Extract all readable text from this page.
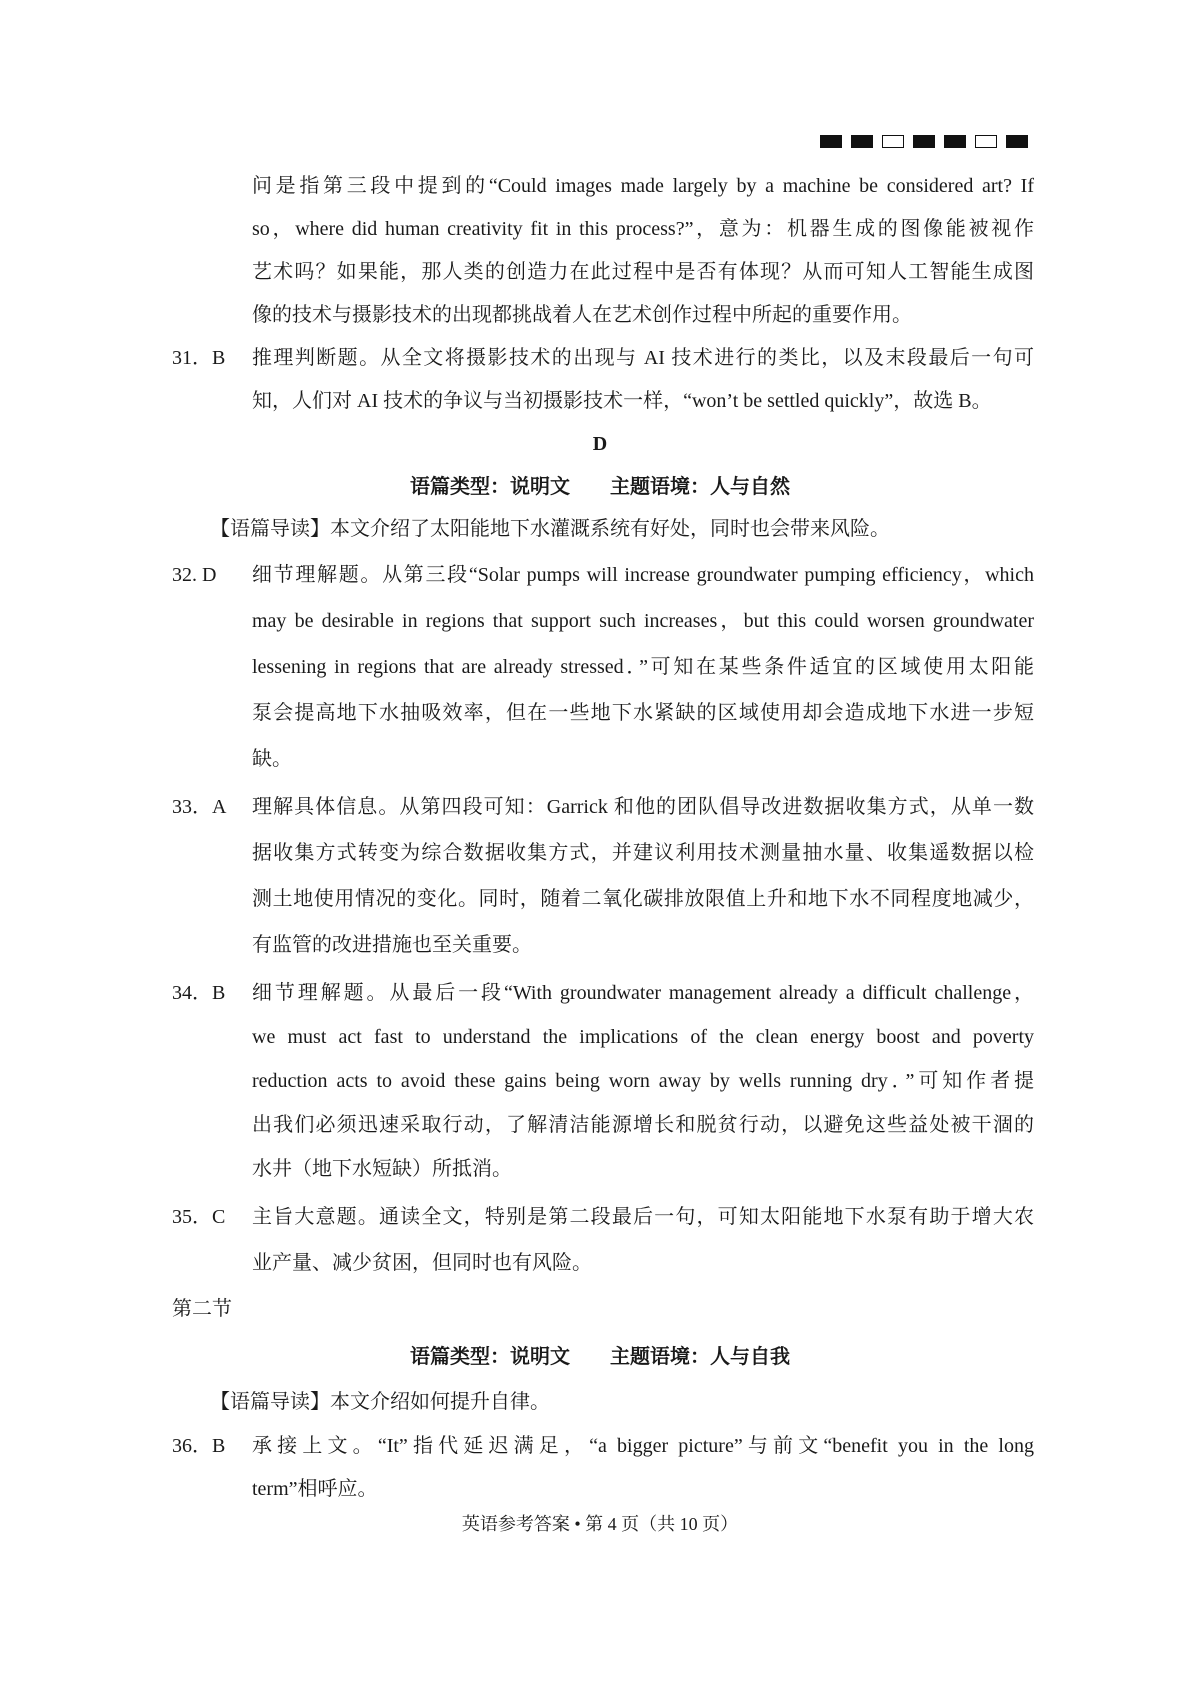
问是指第三段中提到的“Could images made largely by a machine be considered art? If
so，where did human creativity fit in this process?”，意为：机器生成的图像能被视作
艺术吗？如果能，那人类的创造力在此过程中是否有体现？从而可知人工智能生成图
像的技术与摄影技术的出现都挑战着人在艺术创作过程中所起的重要作用。
31．B 推理判断题。从全文将摄影技术的出现与 AI 技术进行的类比，以及末段最后一句可
知，人们对 AI 技术的争议与当初摄影技术一样，“won’t be settled quickly”，故选 B。
D
语篇类型：说明文　　主题语境：人与自然
【语篇导读】本文介绍了太阳能地下水灌溉系统有好处，同时也会带来风险。
32. D 细节理解题。从第三段“Solar pumps will increase groundwater pumping efficiency，which
may be desirable in regions that support such increases，but this could worsen groundwater
lessening in regions that are already stressed．”可知在某些条件适宜的区域使用太阳能
泵会提高地下水抽吸效率，但在一些地下水紧缺的区域使用却会造成地下水进一步短
缺。
33．A 理解具体信息。从第四段可知：Garrick 和他的团队倡导改进数据收集方式，从单一数
据收集方式转变为综合数据收集方式，并建议利用技术测量抽水量、收集遥数据以检
测土地使用情况的变化。同时，随着二氧化碳排放限值上升和地下水不同程度地减少，
有监管的改进措施也至关重要。
34．B 细节理解题。从最后一段“With groundwater management already a difficult challenge，
we must act fast to understand the implications of the clean energy boost and poverty
reduction acts to avoid these gains being worn away by wells running dry．”可知作者提
出我们必须迅速采取行动，了解清洁能源增长和脱贫行动，以避免这些益处被干涸的
水井（地下水短缺）所抵消。
35．C 主旨大意题。通读全文，特别是第二段最后一句，可知太阳能地下水泵有助于增大农
业产量、减少贫困，但同时也有风险。
第二节
语篇类型：说明文　　主题语境：人与自我
【语篇导读】本文介绍如何提升自律。
36．B 承接上文。“It”指代延迟满足，“a bigger picture”与前文“benefit you in the long
term”相呼应。
英语参考答案 • 第 4 页（共 10 页）
